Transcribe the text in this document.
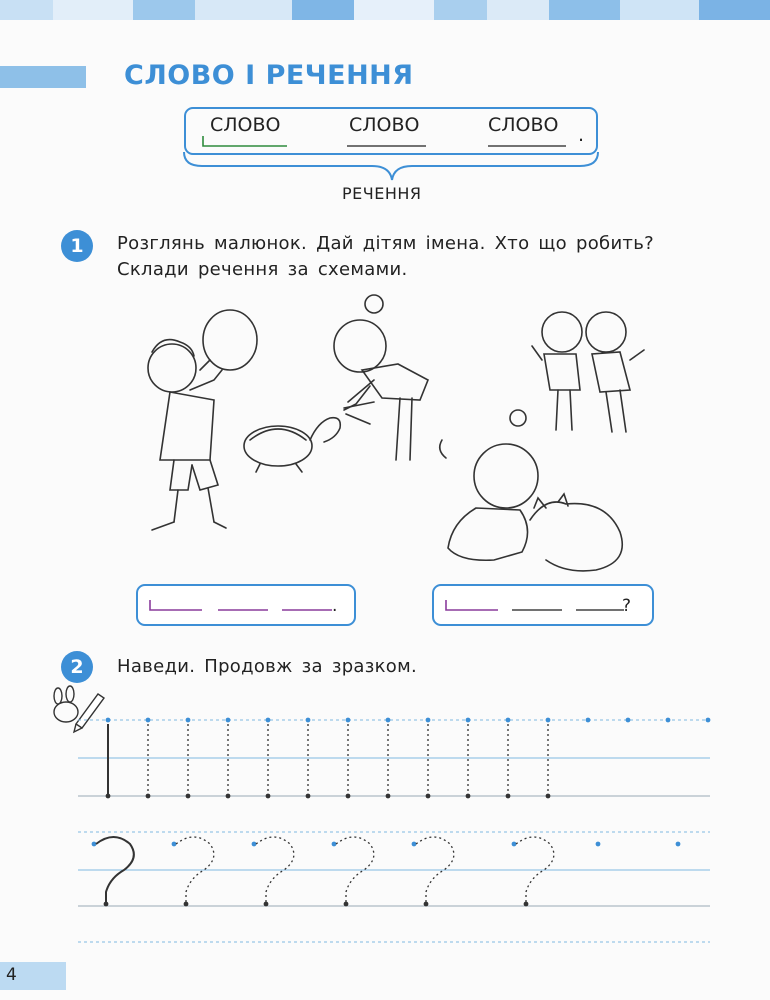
СЛОВО І РЕЧЕННЯ
СЛОВО	СЛОВО	СЛОВО .
РЕЧЕННЯ
1	Розглянь малюнок. Дай дітям імена. Хто що робить?

Склади речення за схемами.

.	?
2	Наведи. Продовж за зразком.

4
